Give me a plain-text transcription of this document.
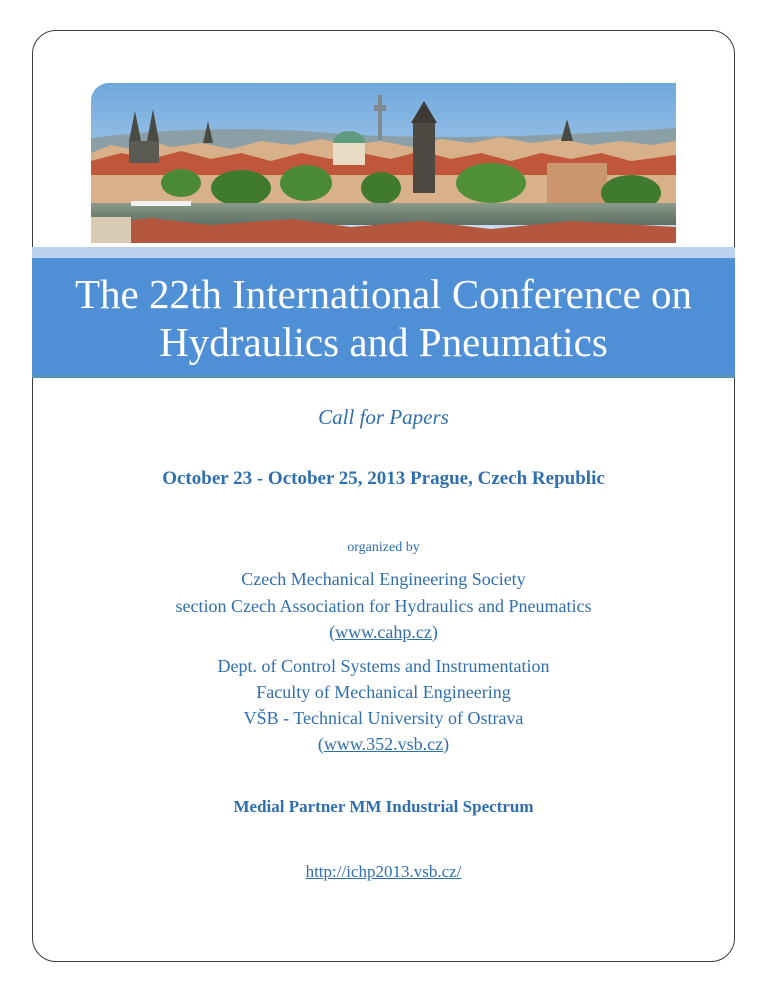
The 22th International Conference on
Hydraulics and Pneumatics
Call for Papers
October 23 - October 25, 2013 Prague, Czech Republic
organized by
Czech Mechanical Engineering Society
section Czech Association for Hydraulics and Pneumatics
(www.cahp.cz)
Dept. of Control Systems and Instrumentation
Faculty of Mechanical Engineering
VŠB - Technical University of Ostrava
(www.352.vsb.cz)
Medial Partner MM Industrial Spectrum
http://ichp2013.vsb.cz/
